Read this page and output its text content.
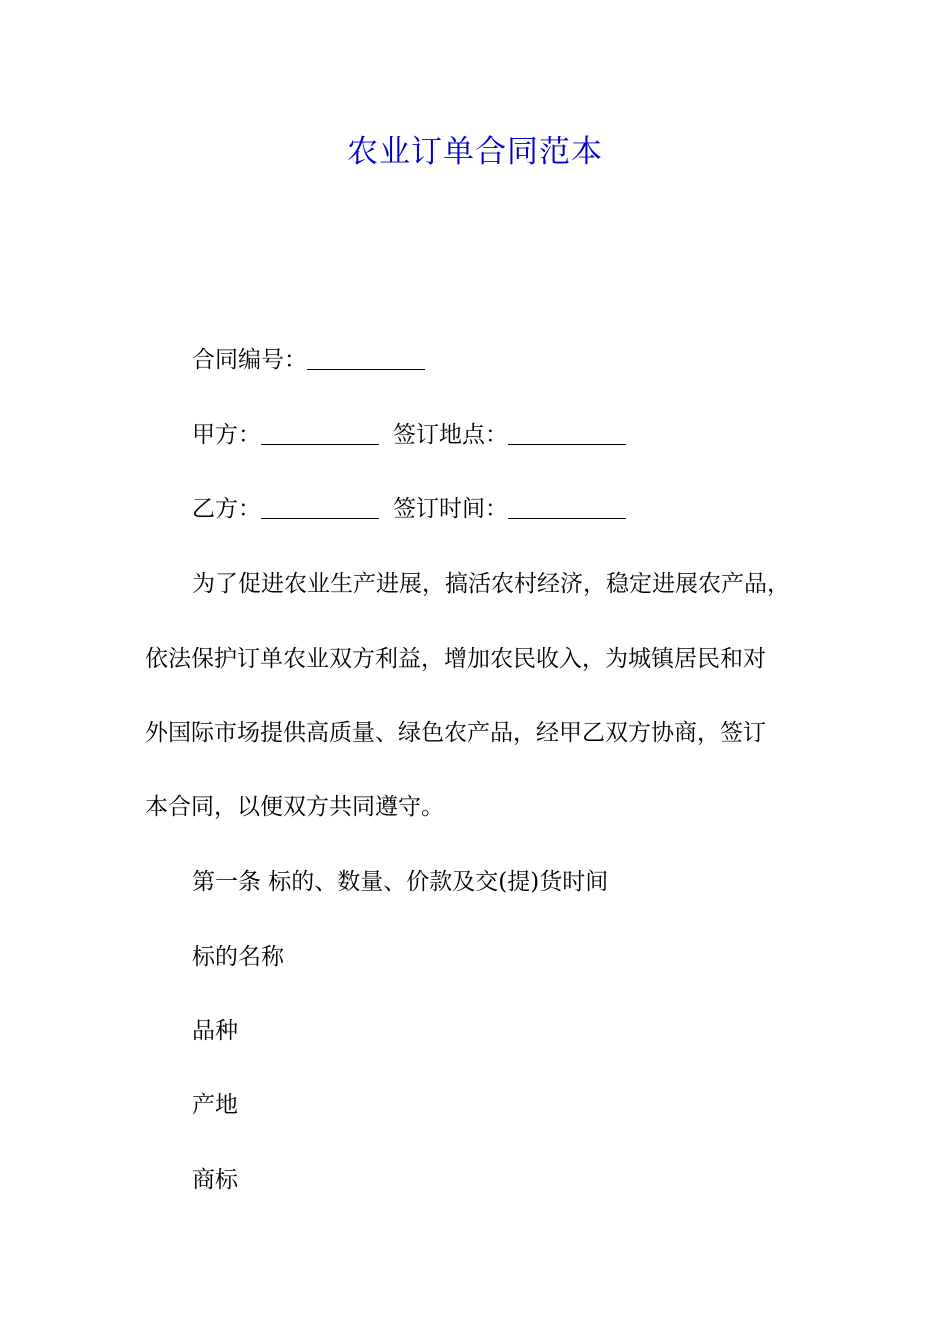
农业订单合同范本
合同编号：
甲方：	签订地点：
乙方：	签订时间：
为了促进农业生产进展，搞活农村经济，稳定进展农产品，
依法保护订单农业双方利益，增加农民收入，为城镇居民和对
外国际市场提供高质量、绿色农产品，经甲乙双方协商，签订
本合同，以便双方共同遵守。
第一条 标的、数量、价款及交(提)货时间
标的名称
品种
产地
商标
